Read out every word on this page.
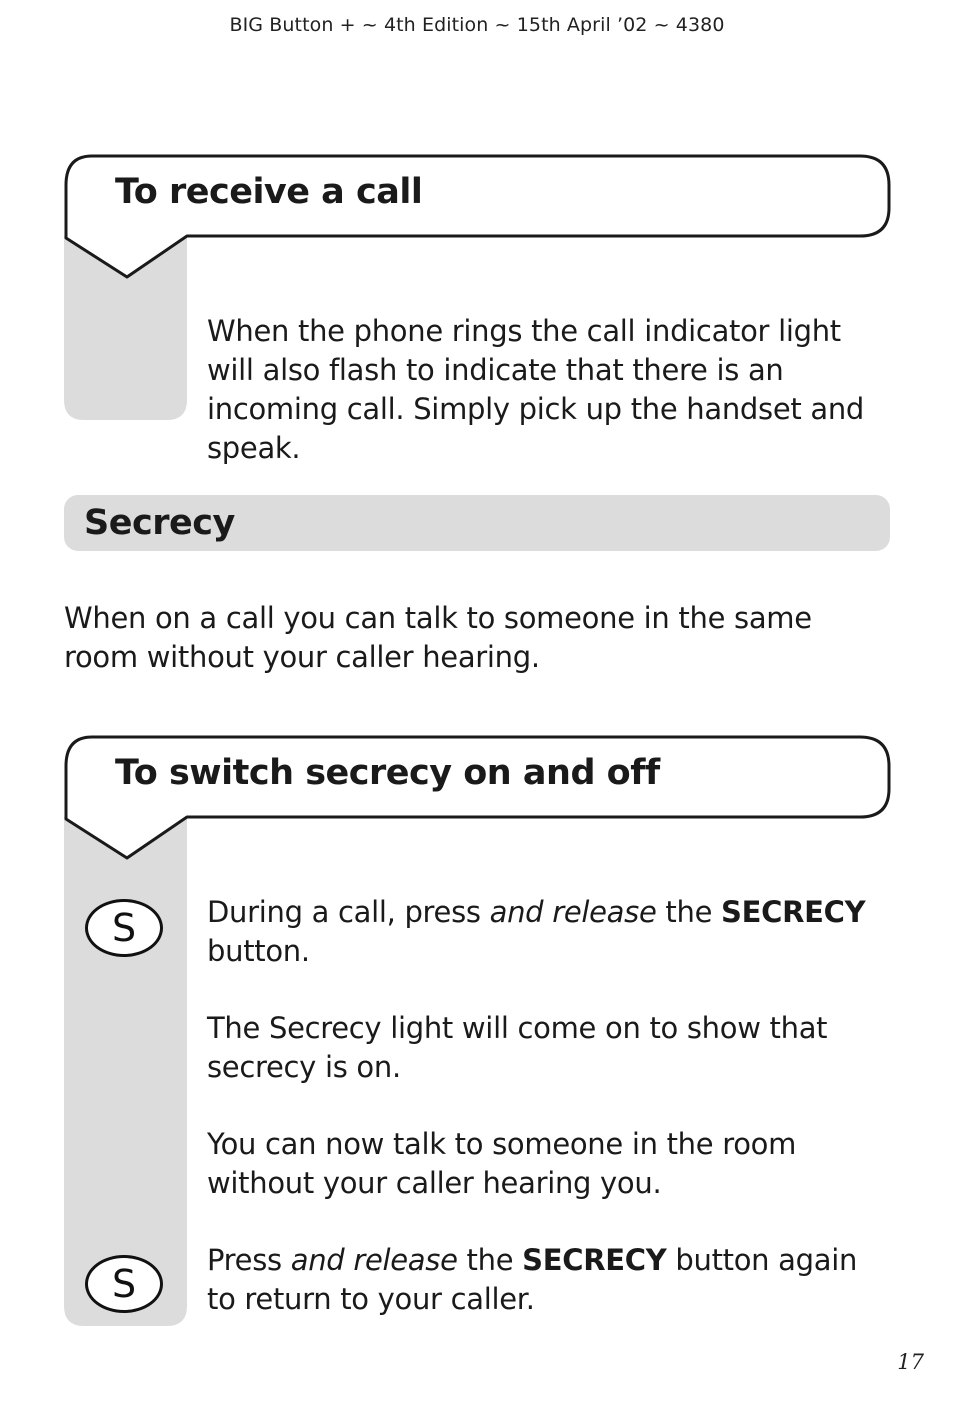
BIG Button + ~ 4th Edition ~ 15th April ’02 ~ 4380
To receive a call

When the phone rings the call indicator light will also flash to indicate that there is an incoming call. Simply pick up the handset and speak.

Secrecy

When on a call you can talk to someone in the same room without your caller hearing.

To switch secrecy on and off
S
S

During a call, press and release the SECRECY button.

The Secrecy light will come on to show that secrecy is on.

You can now talk to someone in the room without your caller hearing you.

Press and release the SECRECY button again to return to your caller.

17
